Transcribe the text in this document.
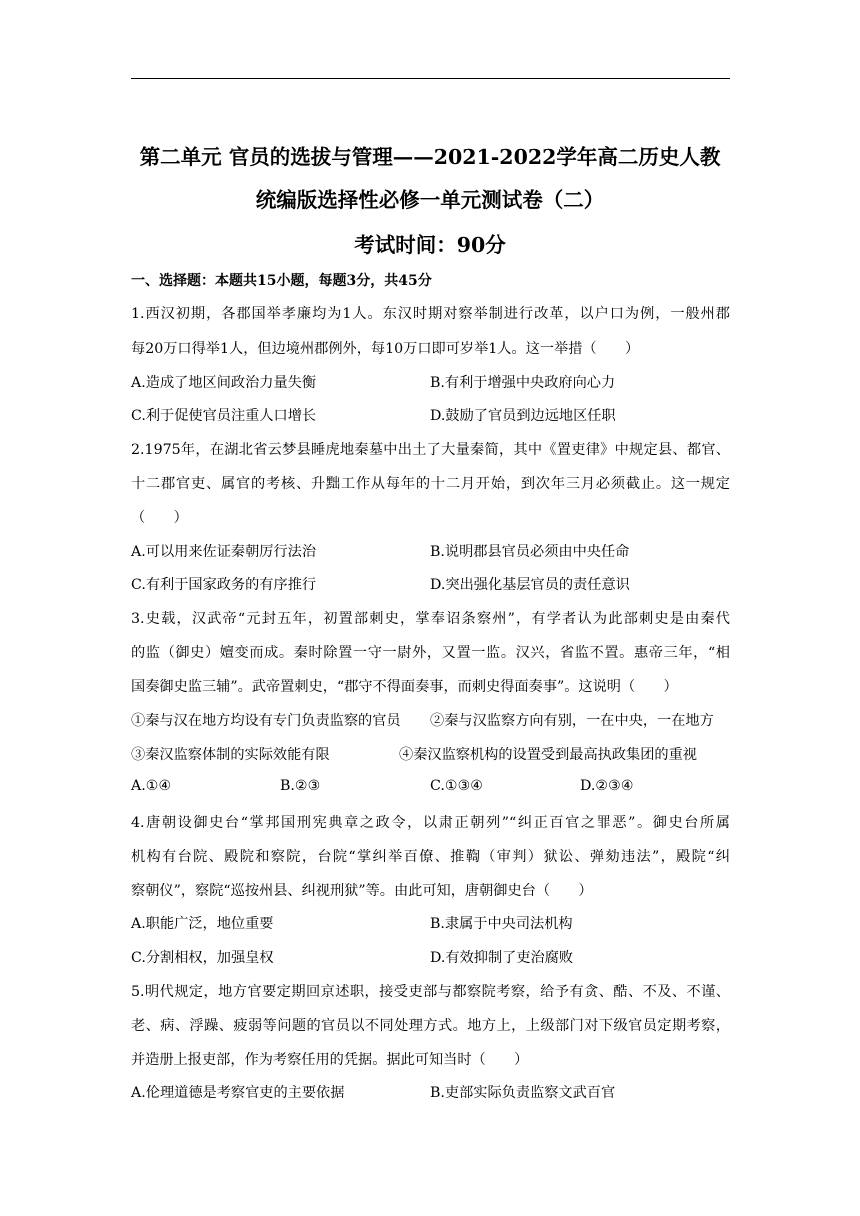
第二单元 官员的选拔与管理——2021-2022学年高二历史人教
统编版选择性必修一单元测试卷（二）
考试时间：90分
一、选择题：本题共15小题，每题3分，共45分
1.西汉初期，各郡国举孝廉均为1人。东汉时期对察举制进行改革，以户口为例，一般州郡
每20万口得举1人，但边境州郡例外，每10万口即可岁举1人。这一举措（　　）
A.造成了地区间政治力量失衡	B.有利于增强中央政府向心力
C.利于促使官员注重人口增长	D.鼓励了官员到边远地区任职
2.1975年，在湖北省云梦县睡虎地秦墓中出土了大量秦简，其中《置吏律》中规定县、都官、
十二郡官吏、属官的考核、升黜工作从每年的十二月开始，到次年三月必须截止。这一规定
（　　）
A.可以用来佐证秦朝厉行法治	B.说明郡县官员必须由中央任命
C.有利于国家政务的有序推行	D.突出强化基层官员的责任意识
3.史载，汉武帝“元封五年，初置部刺史，掌奉诏条察州”，有学者认为此部刺史是由秦代
的监（御史）嬗变而成。秦时除置一守一尉外，又置一监。汉兴，省监不置。惠帝三年，“相
国奏御史监三辅”。武帝置刺史，“郡守不得面奏事，而刺史得面奏事”。这说明（　　）
①秦与汉在地方均设有专门负责监察的官员 ②秦与汉监察方向有别，一在中央，一在地方
③秦汉监察体制的实际效能有限	④秦汉监察机构的设置受到最高执政集团的重视
A.①④	B.②③	C.①③④	D.②③④
4.唐朝设御史台“掌邦国刑宪典章之政令，以肃正朝列”“纠正百官之罪恶”。御史台所属
机构有台院、殿院和察院，台院“掌纠举百僚、推鞫（审判）狱讼、弹劾违法”，殿院“纠
察朝仪”，察院“巡按州县、纠视刑狱”等。由此可知，唐朝御史台（　　）
A.职能广泛，地位重要	B.隶属于中央司法机构
C.分割相权，加强皇权	D.有效抑制了吏治腐败
5.明代规定，地方官要定期回京述职，接受吏部与都察院考察，给予有贪、酷、不及、不谨、
老、病、浮躁、疲弱等问题的官员以不同处理方式。地方上，上级部门对下级官员定期考察，
并造册上报吏部，作为考察任用的凭据。据此可知当时（　　）
A.伦理道德是考察官吏的主要依据	B.吏部实际负责监察文武百官
